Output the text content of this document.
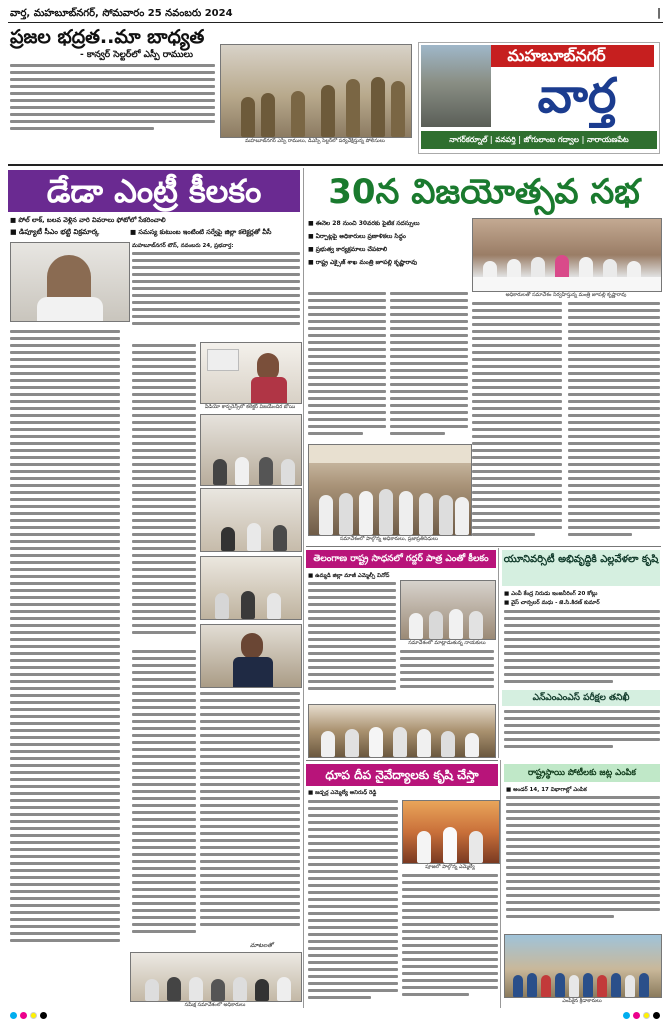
వార్త, మహబూబ్‌నగర్, సోమవారం 25 నవంబరు 2024	|
ప్రజల భద్రత..మా బాధ్యత
- కాన్వర్ సెల్టర్‌లో ఎస్పీ రాములు
మహబూబ్‌నగర్ ఎస్పీ రాములు, డిఎస్పీ సెల్టర్‌లో పర్యవేక్షిస్తున్న పోలీసులు
మహబూబ్‌నగర్
వార్త
నాగర్‌కర్నూల్ | వనపర్తి | జోగులాంబ గద్వాల | నారాయణపేట
డేడా ఎంట్రీ కీలకం
■ పోల్ లాక్, బలవ వెళ్లిన వారి వివరాలు ఫోటోలో సేకరించాలి
■ డిప్యూటీ సీఎం భట్టి విక్రమార్క	■ సమస్య కుటుంబ ఇంటింటి సర్వేపై జిల్లా కలెక్టర్లతో వీసీ
మహబూబ్‌నగర్ టౌన్, నవంబరు 24, ప్రభవార్త:
వీడియో కాన్ఫరెన్స్‌లో కలెక్టర్ విజయేందిర బోయి
సమీక్ష సమావేశంలో అధికారులు
మాటలతో
30న విజయోత్సవ సభ
■ ఈనెల 28 నుంచి 30వరకు పైటిక సదస్సులు
■ ఏర్పాట్లపై అధికారులు ప్రణాళికలు సిద్ధం
■ ప్రభుత్వ కార్యక్రమాలు చేపటాలి
■ రాష్ట్ర ఎక్సైజ్ శాఖ మంత్రి జూపల్లి కృష్ణారావు
అధికారులతో సమావేశం నిర్వహిస్తున్న మంత్రి జూపల్లి కృష్ణారావు
సమావేశంలో పాల్గొన్న అధికారులు, ప్రజాప్రతినిధులు
తెలంగాణ రాష్ట్ర సాధనలో గద్దర్ పాత్ర ఎంతో కీలకం
■ ఉమ్మడి జిల్లా మాజీ ఎమ్మెల్సీ వినోద్
సమావేశంలో మాట్లాడుతున్న నాయకులు
యూనివర్సిటీ అభివృద్ధికి ఎల్లవేళలా కృషి
■ ఎంవీ కేంద్ర నిరుడు ఇంజనీరింగ్ 20 కోట్లు
■ వైస్ చాన్సలర్ మధు - జె.సి.కిరణ్ కుమార్
ఎన్ఎంఎంఎస్ పరీక్షల తనిఖీ
ధూప దీప నైవేద్యాలకు కృషి చేస్తా
■ జడ్చర్ల ఎమ్మెల్యే అనిరుధ్ రెడ్డి
పూజలో పాల్గొన్న ఎమ్మెల్యే
రాష్ట్రస్థాయి పోటీలకు జట్ల ఎంపిక
■ అండర్ 14, 17 విభాగాల్లో ఎంపిక
ఎంపికైన క్రీడాకారులు
